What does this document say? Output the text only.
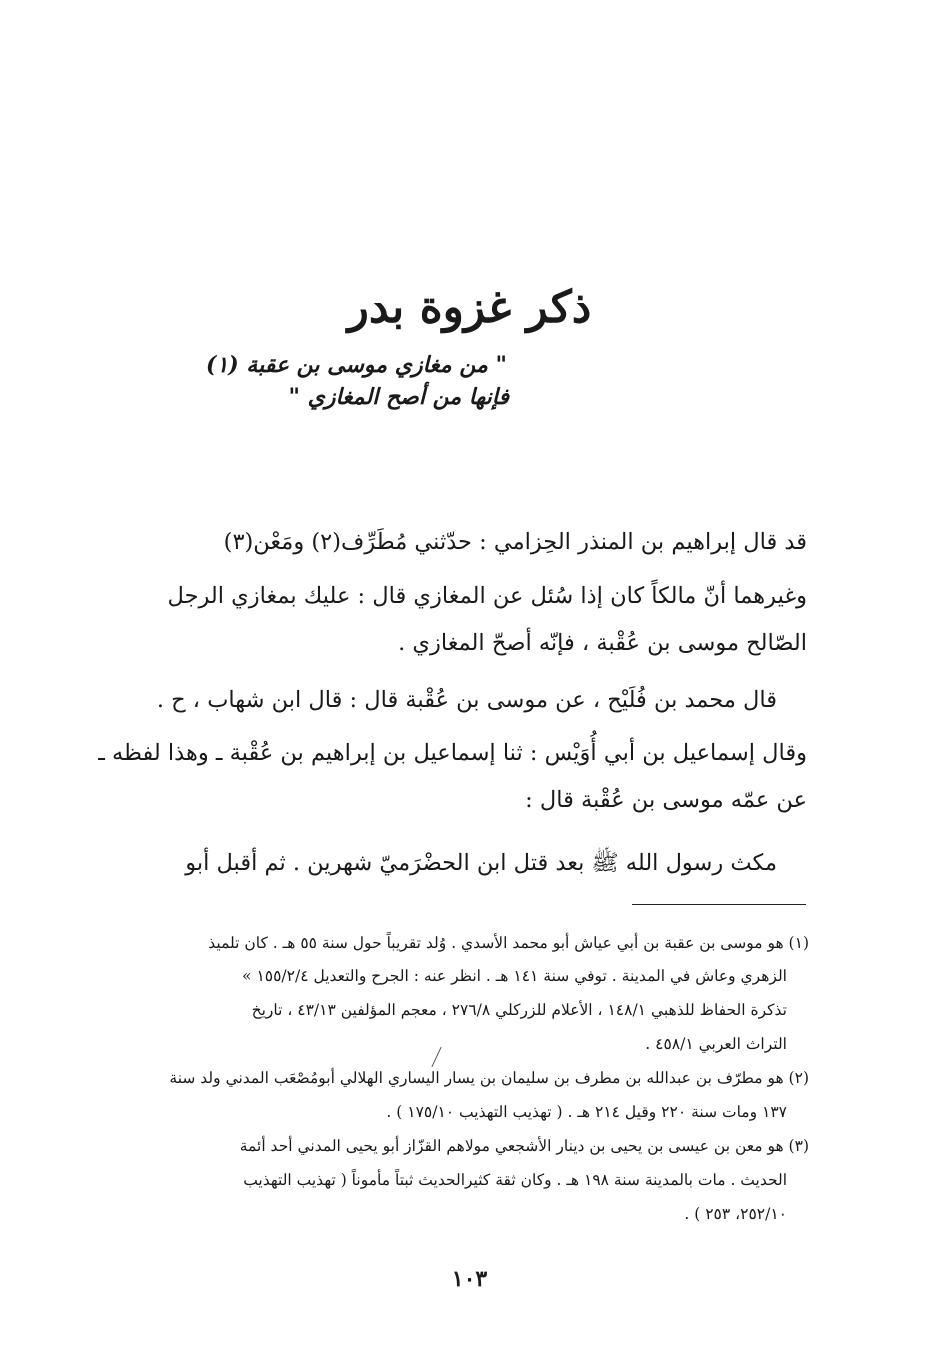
ذكر غزوة بدر
" من مغازي موسى بن عقبة (١)
فإنها من أصح المغازي "
قد قال إبراهيم بن المنذر الحِزامي : حدّثني مُطَرِّف(٢) ومَعْن(٣)
وغيرهما أنّ مالكاً كان إذا سُئل عن المغازي قال : عليك بمغازي الرجل
الصّالح موسى بن عُقْبة ، فإنّه أصحّ المغازي .
قال محمد بن فُلَيْح ، عن موسى بن عُقْبة قال : قال ابن شهاب ، ح .
وقال إسماعيل بن أبي أُوَيْس : ثنا إسماعيل بن إبراهيم بن عُقْبة ـ وهذا لفظه ـ
عن عمّه موسى بن عُقْبة قال :
مكث رسول الله ﷺ بعد قتل ابن الحضْرَميّ شهرين . ثم أقبل أبو
(١) هو موسى بن عقبة بن أبي عياش أبو محمد الأسدي . وُلد تقريباً حول سنة ٥٥ هـ . كان تلميذ
الزهري وعاش في المدينة . توفي سنة ١٤١ هـ . انظر عنه : الجرح والتعديل ١٥٥/٢/٤ »
تذكرة الحفاظ للذهبي ١٤٨/١ ، الأعلام للزركلي ٢٧٦/٨ ، معجم المؤلفين ٤٣/١٣ ، تاريخ
التراث العربي ٤٥٨/١ .
(٢) هو مطرّف بن عبدالله بن مطرف بن سليمان بن يسار اليساري الهلالي أبومُصْعَب المدني ولد سنة
١٣٧ ومات سنة ٢٢٠ وقيل ٢١٤ هـ . ( تهذيب التهذيب ١٧٥/١٠ ) .
(٣) هو معن بن عيسى بن يحيى بن دينار الأشجعي مولاهم القزّاز أبو يحيى المدني أحد أئمة
الحديث . مات بالمدينة سنة ١٩٨ هـ . وكان ثقة كثيرالحديث ثبتاً مأموناً ( تهذيب التهذيب
٢٥٢/١٠، ٢٥٣ ) .
١٠٣
